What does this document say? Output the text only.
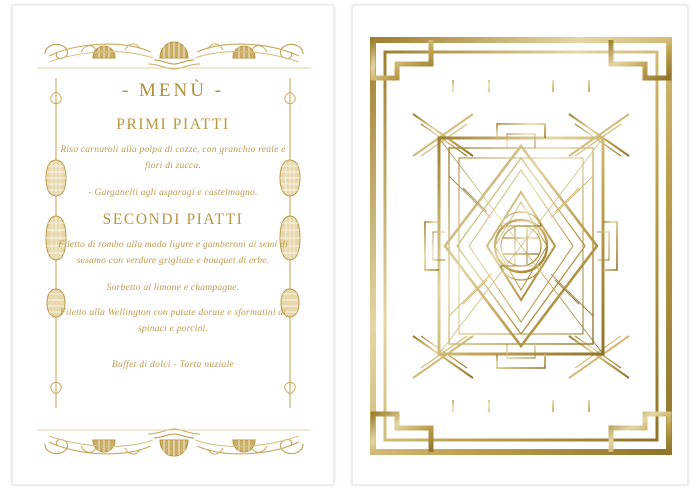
- MENÙ -
PRIMI PIATTI

Riso carnaroli alla polpa di cozze, con granchio reale e fiori di zucca.

- Garganelli agli asparagi e castelmagno.

SECONDI PIATTI

Filetto di rombo alla moda ligure e gamberoni ai semi di sesamo con verdure grigliate e bouquet di erbe.

Sorbetto al limone e champagne.

Filetto alla Wellington con patate dorate e sformatini di spinaci e porcini.

Buffet di dolci - Torta nuziale
